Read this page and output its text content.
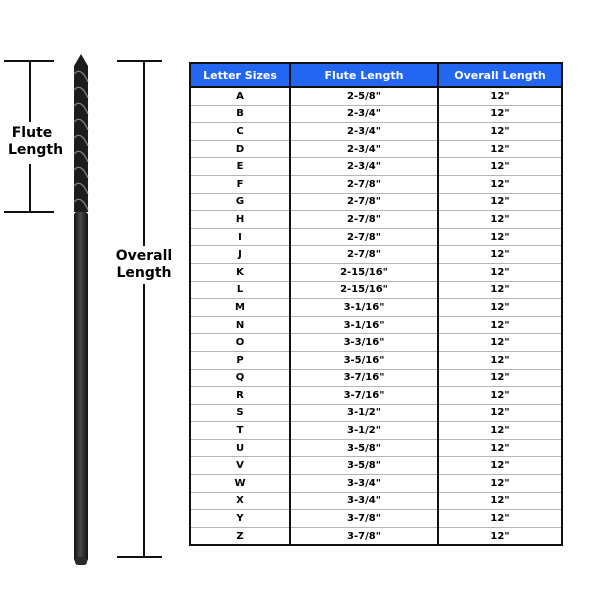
Flute
Length
Overall
Length
Letter Sizes	Flute Length	Overall Length
A	2-5/8"	12"
B	2-3/4"	12"
C	2-3/4"	12"
D	2-3/4"	12"
E	2-3/4"	12"
F	2-7/8"	12"
G	2-7/8"	12"
H	2-7/8"	12"
I	2-7/8"	12"
J	2-7/8"	12"
K	2-15/16"	12"
L	2-15/16"	12"
M	3-1/16"	12"
N	3-1/16"	12"
O	3-3/16"	12"
P	3-5/16"	12"
Q	3-7/16"	12"
R	3-7/16"	12"
S	3-1/2"	12"
T	3-1/2"	12"
U	3-5/8"	12"
V	3-5/8"	12"
W	3-3/4"	12"
X	3-3/4"	12"
Y	3-7/8"	12"
Z	3-7/8"	12"
